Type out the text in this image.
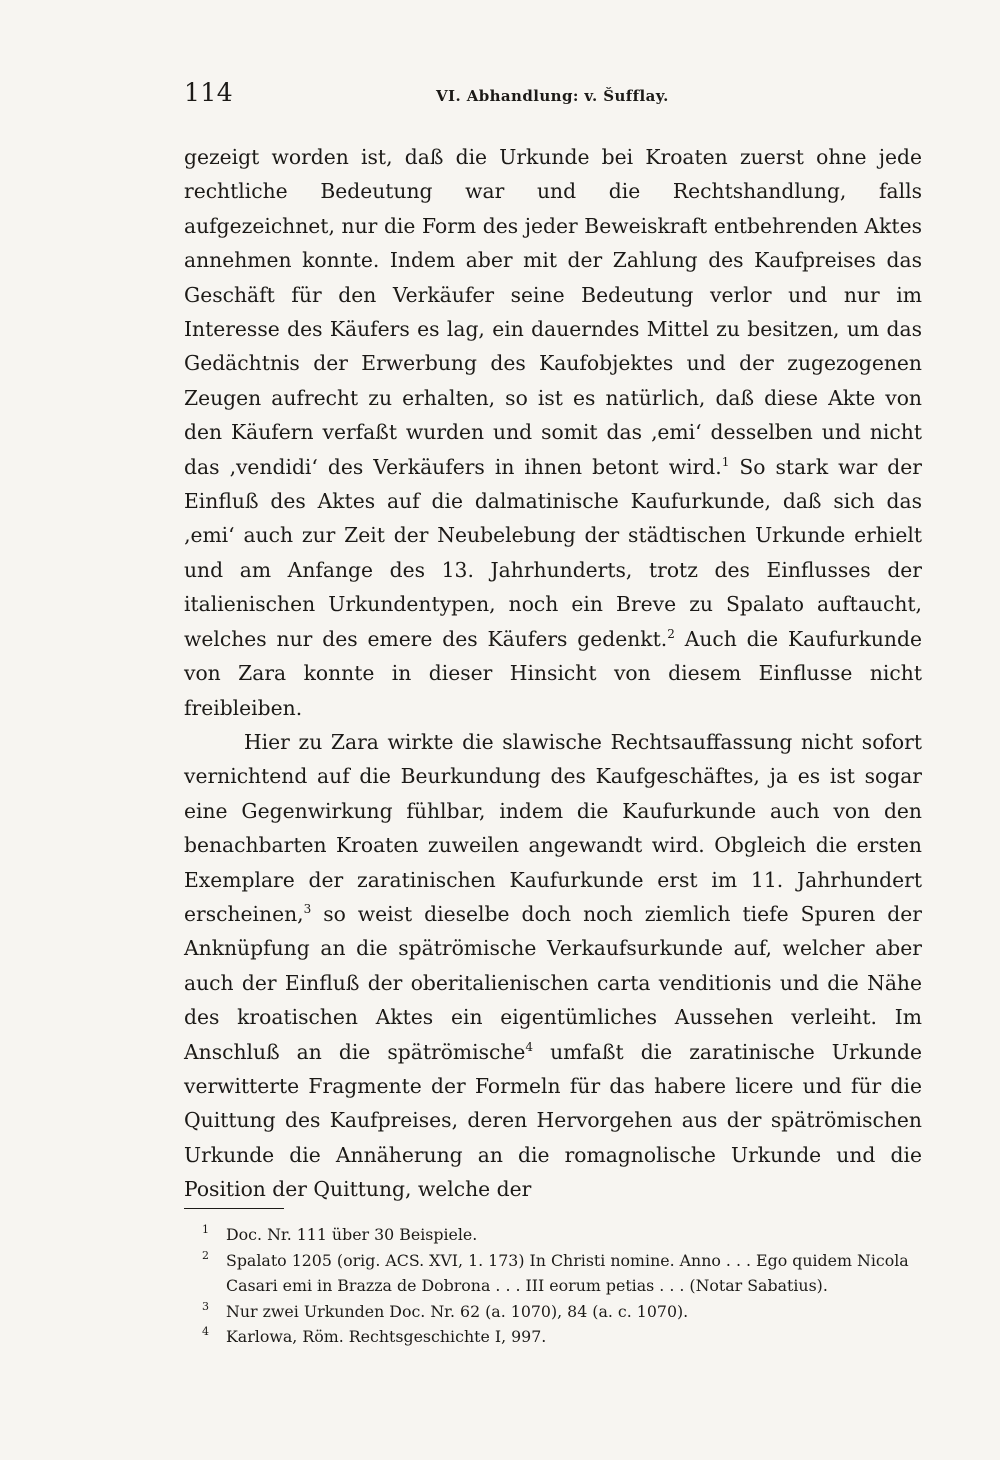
114	VI. Abhandlung: v. Šufflay.

gezeigt worden ist, daß die Urkunde bei Kroaten zuerst ohne jede rechtliche Bedeutung war und die Rechtshandlung, falls aufgezeichnet, nur die Form des jeder Beweiskraft entbehrenden Aktes annehmen konnte. Indem aber mit der Zahlung des Kaufpreises das Geschäft für den Verkäufer seine Bedeutung verlor und nur im Interesse des Käufers es lag, ein dauerndes Mittel zu besitzen, um das Gedächtnis der Erwerbung des Kaufobjektes und der zugezogenen Zeugen aufrecht zu erhalten, so ist es natürlich, daß diese Akte von den Käufern verfaßt wurden und somit das ‚emi‘ desselben und nicht das ‚vendidi‘ des Verkäufers in ihnen betont wird.$^1$ So stark war der Einfluß des Aktes auf die dalmatinische Kaufurkunde, daß sich das ‚emi‘ auch zur Zeit der Neubelebung der städtischen Urkunde erhielt und am Anfange des 13. Jahrhunderts, trotz des Einflusses der italienischen Urkundentypen, noch ein Breve zu Spalato auftaucht, welches nur des emere des Käufers gedenkt.$^2$ Auch die Kaufurkunde von Zara konnte in dieser Hinsicht von diesem Einflusse nicht freibleiben.

Hier zu Zara wirkte die slawische Rechtsauffassung nicht sofort vernichtend auf die Beurkundung des Kaufgeschäftes, ja es ist sogar eine Gegenwirkung fühlbar, indem die Kaufurkunde auch von den benachbarten Kroaten zuweilen angewandt wird. Obgleich die ersten Exemplare der zaratinischen Kaufurkunde erst im 11. Jahrhundert erscheinen,$^3$ so weist dieselbe doch noch ziemlich tiefe Spuren der Anknüpfung an die spätrömische Verkaufsurkunde auf, welcher aber auch der Einfluß der oberitalienischen carta venditionis und die Nähe des kroatischen Aktes ein eigentümliches Aussehen verleiht. Im Anschluß an die spätrömische$^4$ umfaßt die zaratinische Urkunde verwitterte Fragmente der Formeln für das habere licere und für die Quittung des Kaufpreises, deren Hervorgehen aus der spätrömischen Urkunde die Annäherung an die romagnolische Urkunde und die Position der Quittung, welche der

1 Doc. Nr. 111 über 30 Beispiele.
2 Spalato 1205 (orig. ACS. XVI, 1. 173) In Christi nomine. Anno . . . Ego quidem Nicola Casari emi in Brazza de Dobrona . . . III eorum petias . . . (Notar Sabatius).
3 Nur zwei Urkunden Doc. Nr. 62 (a. 1070), 84 (a. c. 1070).
4 Karlowa, Röm. Rechtsgeschichte I, 997.
